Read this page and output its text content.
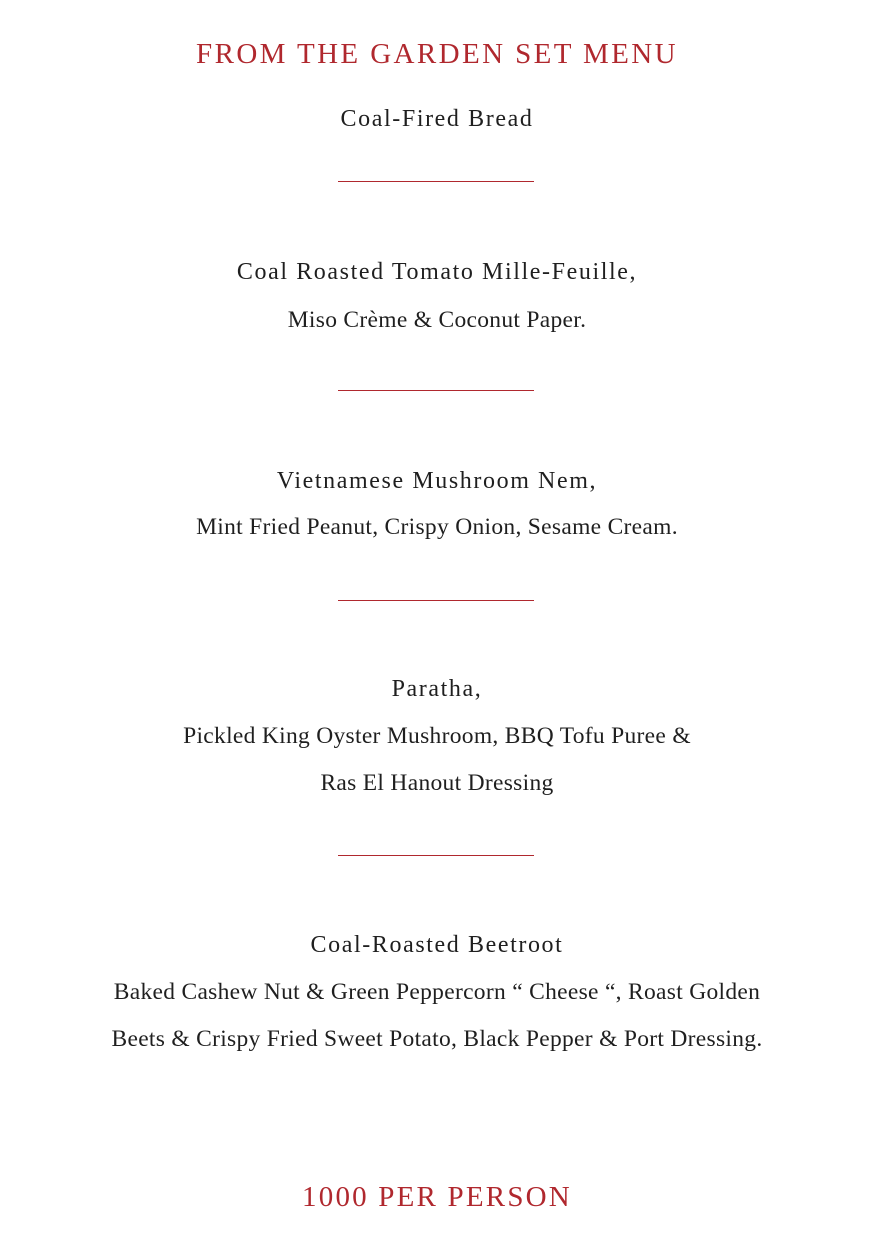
FROM THE GARDEN SET MENU
Coal-Fired Bread
Coal Roasted Tomato Mille-Feuille,
Miso Crème & Coconut Paper.
Vietnamese Mushroom Nem,
Mint Fried Peanut, Crispy Onion, Sesame Cream.
Paratha,
Pickled King Oyster Mushroom, BBQ Tofu Puree &
Ras El Hanout Dressing
Coal-Roasted Beetroot
Baked Cashew Nut & Green Peppercorn “ Cheese “, Roast Golden
Beets & Crispy Fried Sweet Potato, Black Pepper & Port Dressing.
1000 PER PERSON
